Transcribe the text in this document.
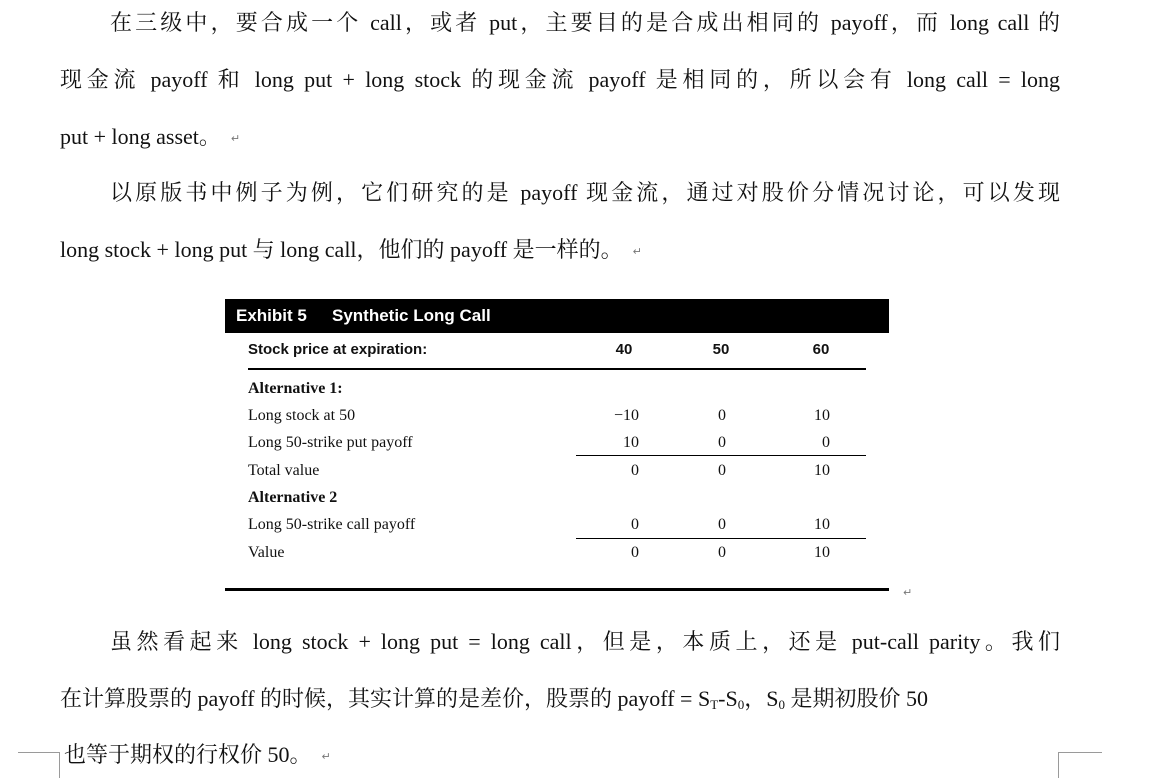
在三级中，要合成一个 call，或者 put，主要目的是合成出相同的 payoff，而 long call 的
现金流 payoff 和 long put + long stock 的现金流 payoff 是相同的，所以会有 long call = long
put + long asset。 ↵
以原版书中例子为例，它们研究的是 payoff 现金流，通过对股价分情况讨论，可以发现
long stock + long put 与 long call，他们的 payoff 是一样的。 ↵
Exhibit 5 Synthetic Long Call
Stock price at expiration:	40	50	60
Alternative 1:
Long stock at 50	−10	0	10
Long 50-strike put payoff	10	0	0
Total value	0	0	10
Alternative 2
Long 50-strike call payoff	0	0	10
Value	0	0	10
↵
虽然看起来 long stock + long put = long call，但是，本质上，还是 put-call parity。我们
在计算股票的 payoff 的时候，其实计算的是差价，股票的 payoff = $S_T-S_0$，$S_0$ 是期初股价 50
也等于期权的行权价 50。 ↵
